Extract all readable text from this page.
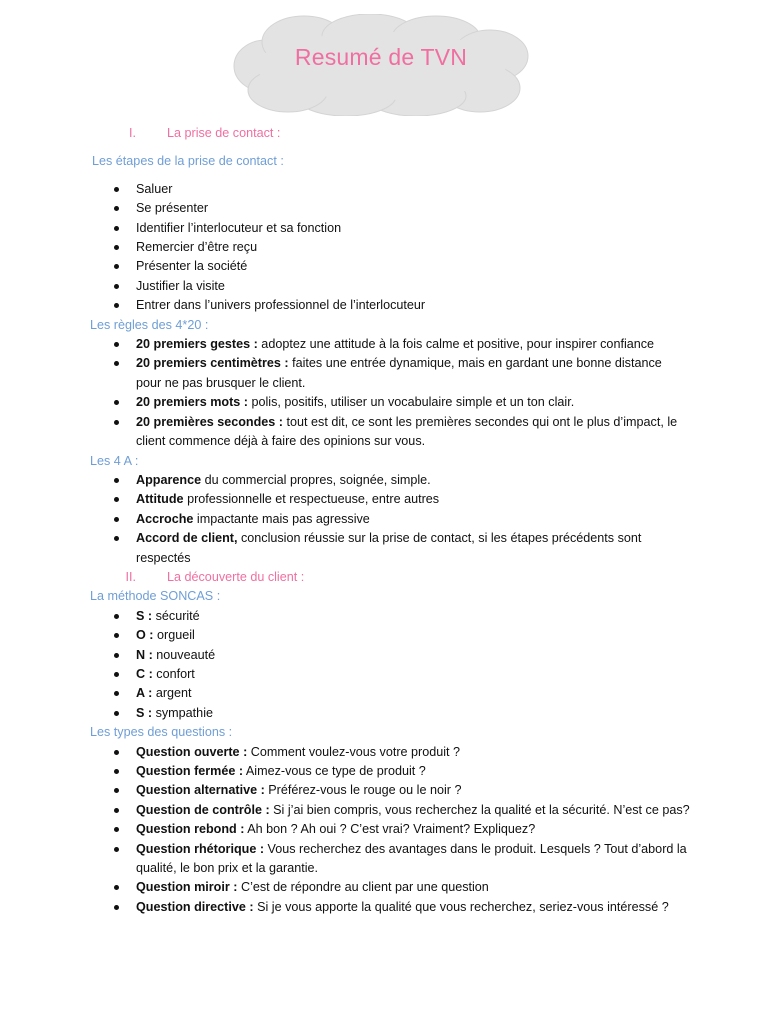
Resumé de TVN
I.	La prise de contact :
Les étapes de la prise de contact :
Saluer
Se présenter
Identifier l’interlocuteur et sa fonction
Remercier d’être reçu
Présenter la société
Justifier la visite
Entrer dans l’univers professionnel de l’interlocuteur
Les règles des 4*20 :
20 premiers gestes : adoptez une attitude à la fois calme et positive, pour inspirer confiance
20 premiers centimètres : faites une entrée dynamique, mais en gardant une bonne distance pour ne pas brusquer le client.
20 premiers mots : polis, positifs, utiliser un vocabulaire simple et un ton clair.
20 premières secondes : tout est dit, ce sont les premières secondes qui ont le plus d’impact, le client commence déjà à faire des opinions sur vous.
Les 4 A :
Apparence du commercial propres, soignée, simple.
Attitude professionnelle et respectueuse, entre autres
Accroche impactante mais pas agressive
Accord de client, conclusion réussie sur la prise de contact, si les étapes précédents sont respectés
II.	La découverte du client :
La méthode SONCAS :
S : sécurité
O : orgueil
N : nouveauté
C : confort
A : argent
S : sympathie
Les types des questions :
Question ouverte : Comment voulez-vous votre produit ?
Question fermée : Aimez-vous ce type de produit ?
Question alternative : Préférez-vous le rouge ou le noir ?
Question de contrôle : Si j’ai bien compris, vous recherchez la qualité et la sécurité. N’est ce pas?
Question rebond : Ah bon ? Ah oui ? C’est vrai? Vraiment? Expliquez?
Question rhétorique : Vous recherchez des avantages dans le produit. Lesquels ? Tout d’abord la qualité, le bon prix et la garantie.
Question miroir : C’est de répondre au client par une question
Question directive : Si je vous apporte la qualité que vous recherchez, seriez-vous intéressé ?
